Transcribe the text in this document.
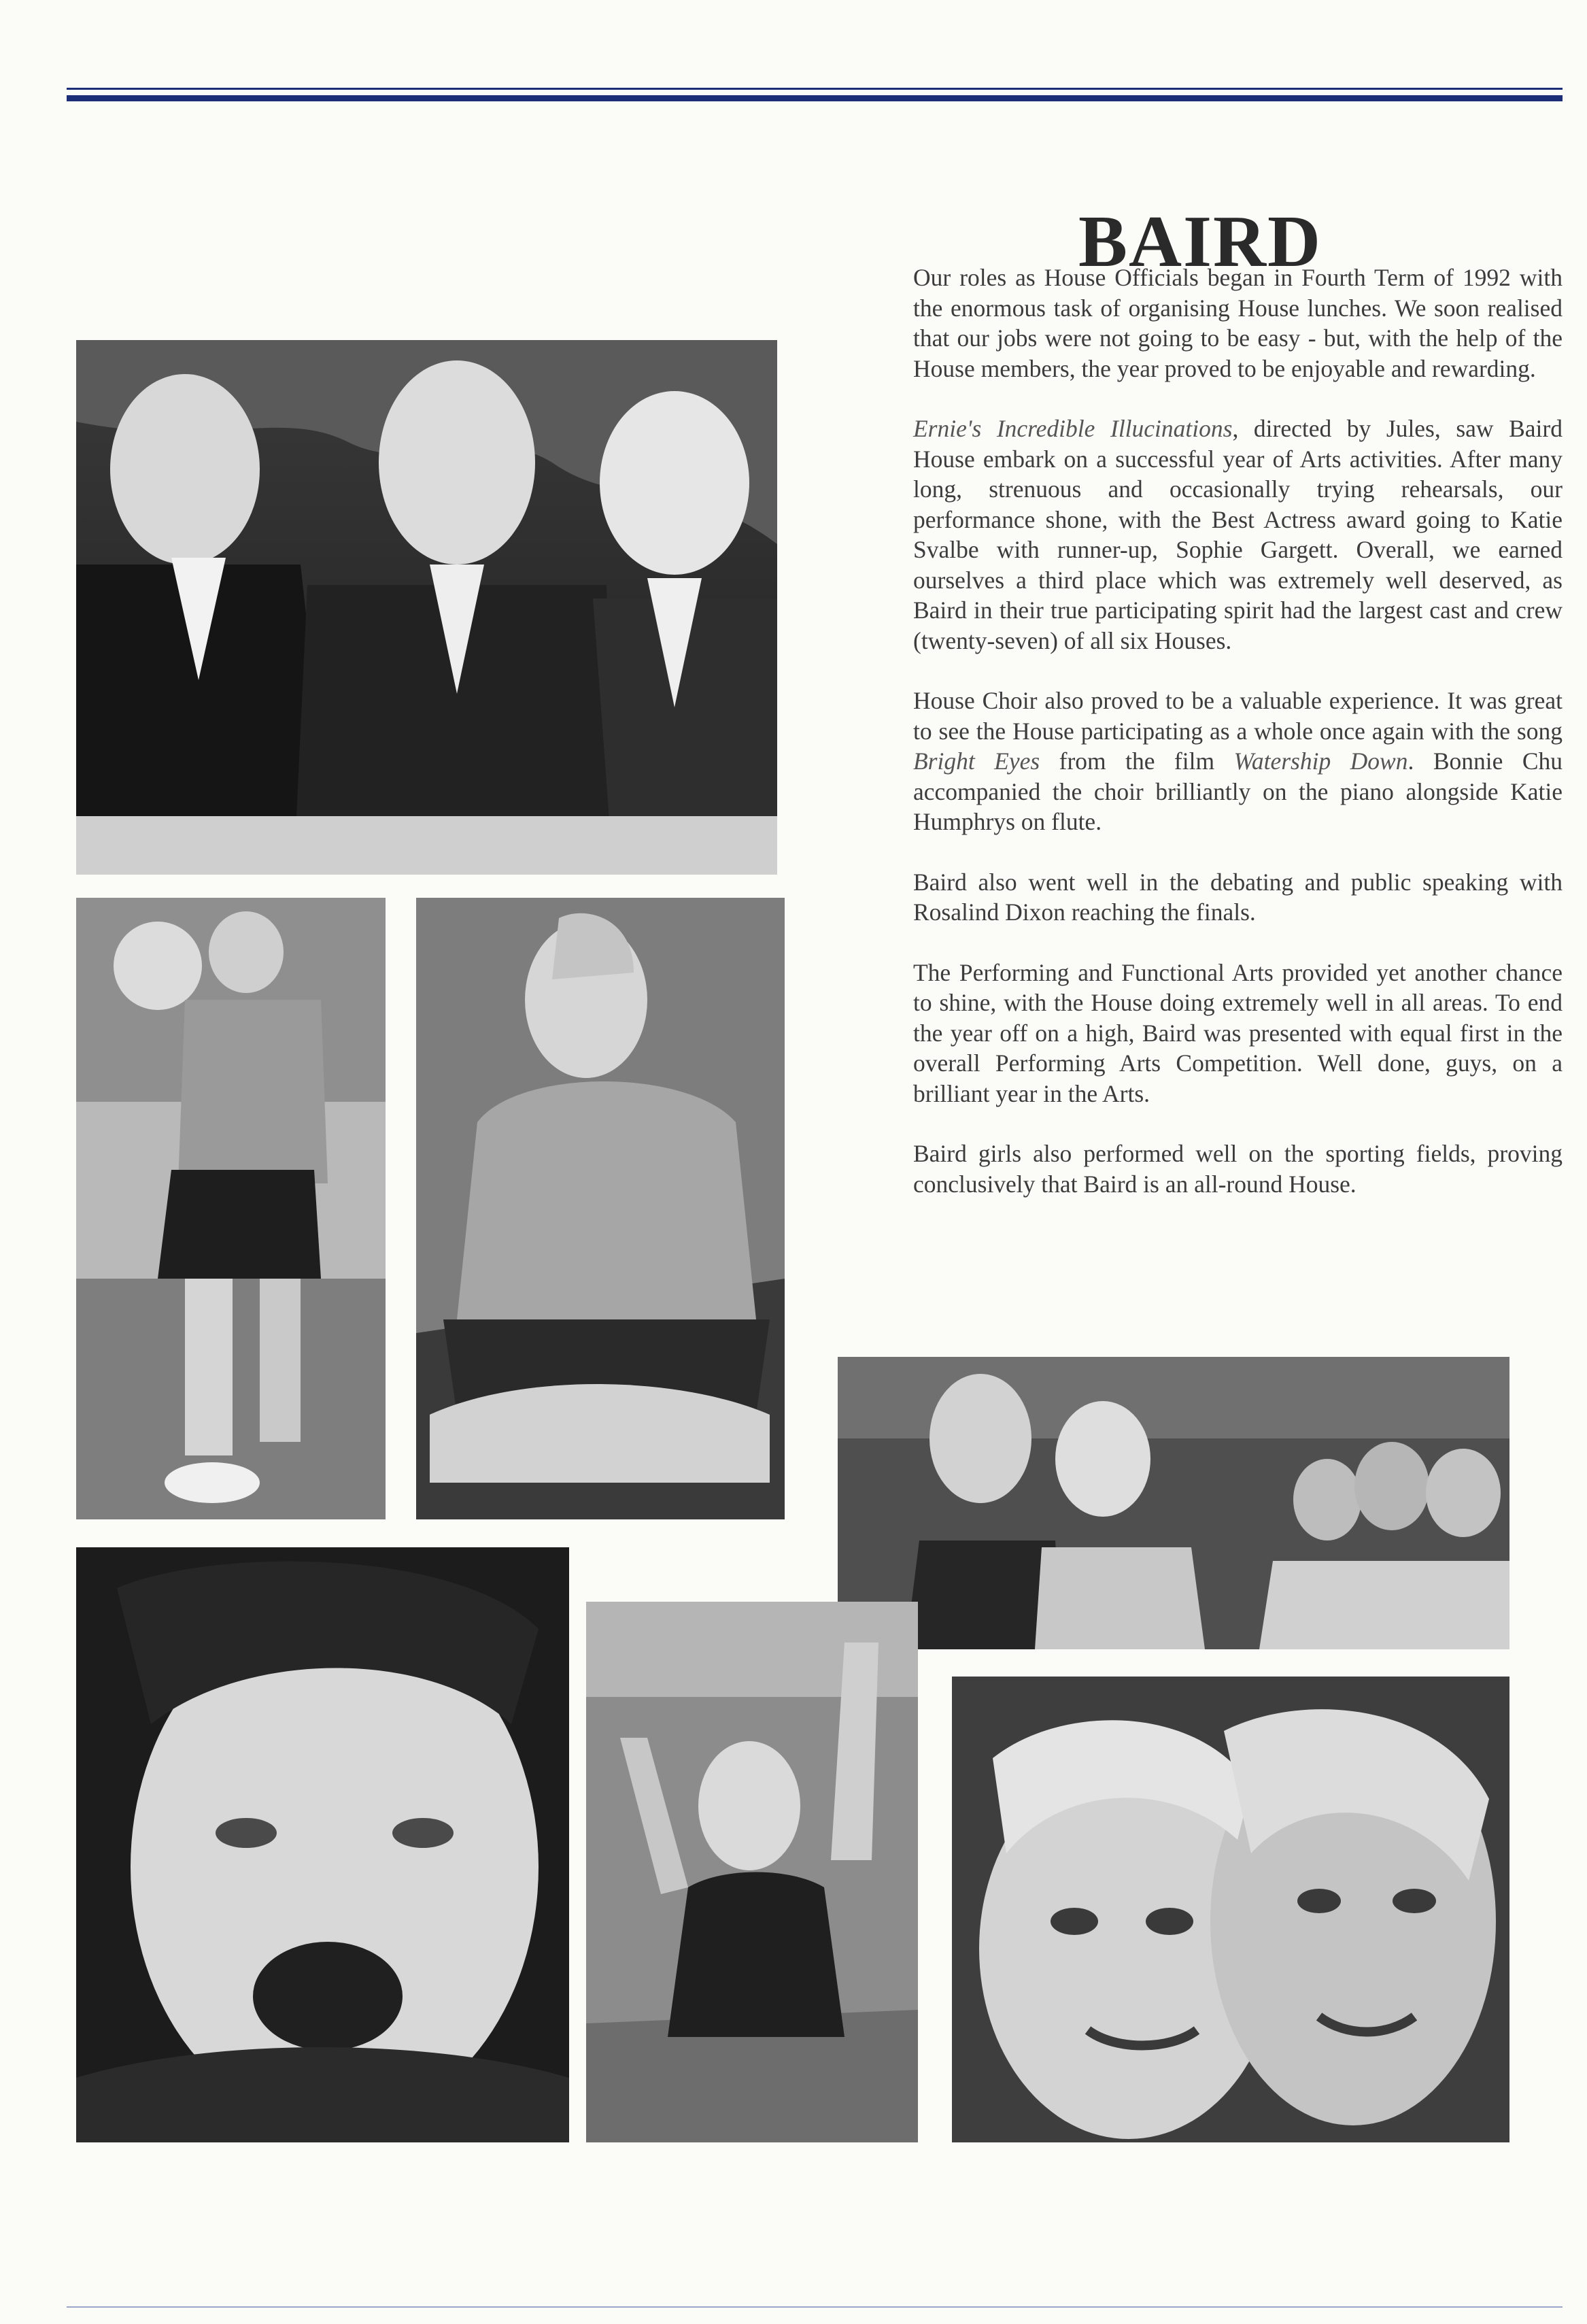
BAIRD

Our roles as House Officials began in Fourth Term of 1992 with the enormous task of organising House lunches. We soon realised that our jobs were not going to be easy - but, with the help of the House members, the year proved to be enjoyable and rewarding.

Ernie's Incredible Illucinations, directed by Jules, saw Baird House embark on a successful year of Arts activities. After many long, strenuous and occasionally trying rehearsals, our performance shone, with the Best Actress award going to Katie Svalbe with runner-up, Sophie Gargett. Overall, we earned ourselves a third place which was extremely well deserved, as Baird in their true participating spirit had the largest cast and crew (twenty-seven) of all six Houses.

House Choir also proved to be a valuable experience. It was great to see the House participating as a whole once again with the song Bright Eyes from the film Watership Down. Bonnie Chu accompanied the choir brilliantly on the piano alongside Katie Humphrys on flute.

Baird also went well in the debating and public speaking with Rosalind Dixon reaching the finals.

The Performing and Functional Arts provided yet another chance to shine, with the House doing extremely well in all areas. To end the year off on a high, Baird was presented with equal first in the overall Performing Arts Competition. Well done, guys, on a brilliant year in the Arts.

Baird girls also performed well on the sporting fields, proving conclusively that Baird is an all-round House.
